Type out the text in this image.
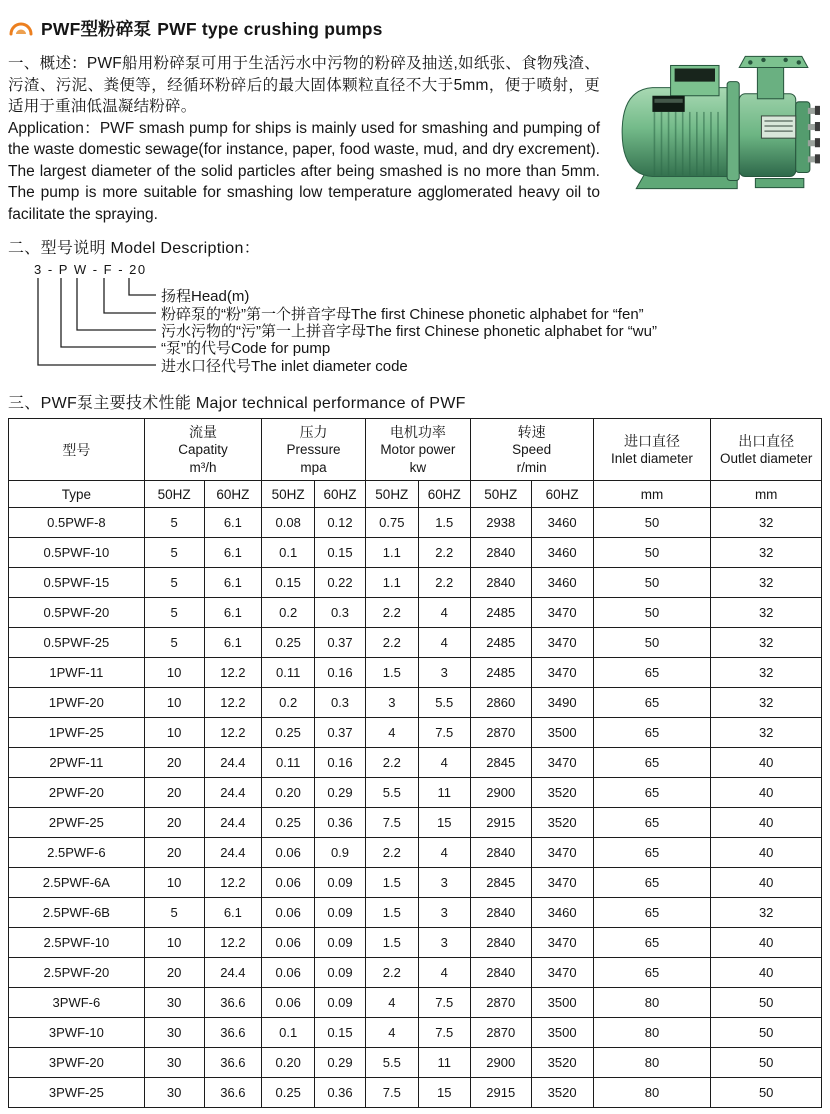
PWF型粉碎泵 PWF type crushing pumps

一、概述：PWF船用粉碎泵可用于生活污水中污物的粉碎及抽送,如纸张、食物残渣、污渣、污泥、粪便等，经循环粉碎后的最大固体颗粒直径不大于5mm，便于喷射，更适用于重油低温凝结粉碎。

Application：PWF smash pump for ships is mainly used for smashing and pumping of the waste domestic sewage(for instance, paper, food waste, mud, and dry excrement). The largest diameter of the solid particles after being smashed is no more than 5mm. The pump is more suitable for smashing low temperature agglomerated heavy oil to facilitate the spraying.

二、型号说明 Model Description：
3 - P W - F - 20
扬程Head(m)
粉碎泵的“粉”第一个拼音字母The first Chinese phonetic alphabet for “fen”
污水污物的“污”第一上拼音字母The first Chinese phonetic alphabet for “wu”
“泵”的代号Code for pump
进水口径代号The inlet diameter code
三、PWF泵主要技术性能 Major technical performance of PWF
型号	流量
Capatity
m³/h		压力
Pressure
mpa		电机功率
Motor power
kw		转速
Speed
r/min		进口直径
Inlet diameter	出口直径
Outlet diameter

Type	50HZ	60HZ	50HZ	60HZ	50HZ	60HZ	50HZ	60HZ	mm	mm
0.5PWF-8	5	6.1	0.08	0.12	0.75	1.5	2938	3460	50	32
0.5PWF-10	5	6.1	0.1	0.15	1.1	2.2	2840	3460	50	32
0.5PWF-15	5	6.1	0.15	0.22	1.1	2.2	2840	3460	50	32
0.5PWF-20	5	6.1	0.2	0.3	2.2	4	2485	3470	50	32
0.5PWF-25	5	6.1	0.25	0.37	2.2	4	2485	3470	50	32
1PWF-11	10	12.2	0.11	0.16	1.5	3	2485	3470	65	32
1PWF-20	10	12.2	0.2	0.3	3	5.5	2860	3490	65	32
1PWF-25	10	12.2	0.25	0.37	4	7.5	2870	3500	65	32
2PWF-11	20	24.4	0.11	0.16	2.2	4	2845	3470	65	40
2PWF-20	20	24.4	0.20	0.29	5.5	11	2900	3520	65	40
2PWF-25	20	24.4	0.25	0.36	7.5	15	2915	3520	65	40
2.5PWF-6	20	24.4	0.06	0.9	2.2	4	2840	3470	65	40
2.5PWF-6A	10	12.2	0.06	0.09	1.5	3	2845	3470	65	40
2.5PWF-6B	5	6.1	0.06	0.09	1.5	3	2840	3460	65	32
2.5PWF-10	10	12.2	0.06	0.09	1.5	3	2840	3470	65	40
2.5PWF-20	20	24.4	0.06	0.09	2.2	4	2840	3470	65	40
3PWF-6	30	36.6	0.06	0.09	4	7.5	2870	3500	80	50
3PWF-10	30	36.6	0.1	0.15	4	7.5	2870	3500	80	50
3PWF-20	30	36.6	0.20	0.29	5.5	11	2900	3520	80	50
3PWF-25	30	36.6	0.25	0.36	7.5	15	2915	3520	80	50
